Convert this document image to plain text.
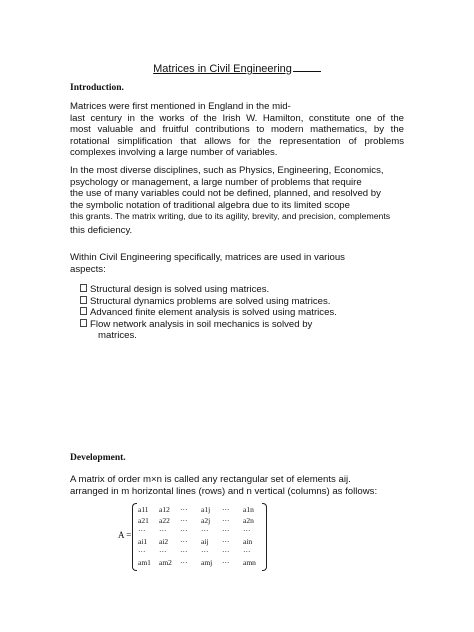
Matrices in Civil Engineering
Introduction.
Matrices were first mentioned in England in the mid-
last century in the works of the Irish W. Hamilton, constitute one of the
most valuable and fruitful contributions to modern mathematics, by the
rotational simplification that allows for the representation of problems
complexes involving a large number of variables.
In the most diverse disciplines, such as Physics, Engineering, Economics,
psychology or management, a large number of problems that require
the use of many variables could not be defined, planned, and resolved by
the symbolic notation of traditional algebra due to its limited scope
this grants. The matrix writing, due to its agility, brevity, and precision, complements
this deficiency.
Within Civil Engineering specifically, matrices are used in various
aspects:
Structural design is solved using matrices.
Structural dynamics problems are solved using matrices.
Advanced finite element analysis is solved using matrices.
Flow network analysis in soil mechanics is solved by
matrices.
Development.
A matrix of order m×n is called any rectangular set of elements aij.
arranged in m horizontal lines (rows) and n vertical (columns) as follows:
A =
a11	a12	···	a1j	···	a1n
a21	a22	···	a2j	···	a2n
···	···	···	···	···	···
ai1	ai2	···	aij	···	ain
···	···	···	···	···	···
am1	am2	···	amj	···	amn
